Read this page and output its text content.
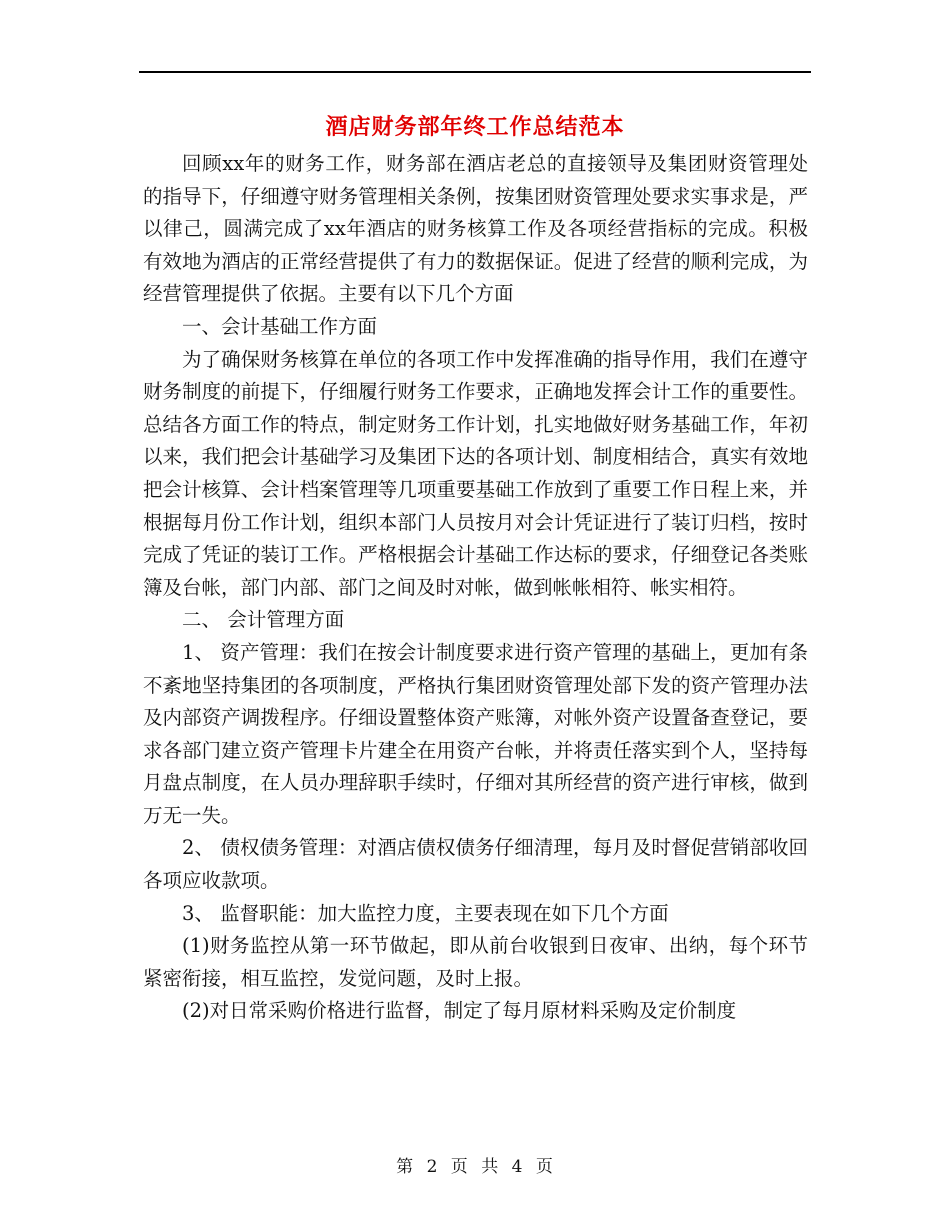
酒店财务部年终工作总结范本

回顾xx年的财务工作，财务部在酒店老总的直接领导及集团财资管理处的指导下，仔细遵守财务管理相关条例，按集团财资管理处要求实事求是，严以律己，圆满完成了xx年酒店的财务核算工作及各项经营指标的完成。积极有效地为酒店的正常经营提供了有力的数据保证。促进了经营的顺利完成，为经营管理提供了依据。主要有以下几个方面

一、会计基础工作方面

为了确保财务核算在单位的各项工作中发挥准确的指导作用，我们在遵守财务制度的前提下，仔细履行财务工作要求，正确地发挥会计工作的重要性。总结各方面工作的特点，制定财务工作计划，扎实地做好财务基础工作，年初以来，我们把会计基础学习及集团下达的各项计划、制度相结合，真实有效地把会计核算、会计档案管理等几项重要基础工作放到了重要工作日程上来，并根据每月份工作计划，组织本部门人员按月对会计凭证进行了装订归档，按时完成了凭证的装订工作。严格根据会计基础工作达标的要求，仔细登记各类账簿及台帐，部门内部、部门之间及时对帐，做到帐帐相符、帐实相符。

二、 会计管理方面

1、 资产管理：我们在按会计制度要求进行资产管理的基础上，更加有条不紊地坚持集团的各项制度，严格执行集团财资管理处部下发的资产管理办法及内部资产调拨程序。仔细设置整体资产账簿，对帐外资产设置备查登记，要求各部门建立资产管理卡片建全在用资产台帐，并将责任落实到个人，坚持每月盘点制度，在人员办理辞职手续时，仔细对其所经营的资产进行审核，做到万无一失。

2、 债权债务管理：对酒店债权债务仔细清理，每月及时督促营销部收回各项应收款项。

3、 监督职能：加大监控力度，主要表现在如下几个方面

(1)财务监控从第一环节做起，即从前台收银到日夜审、出纳，每个环节紧密衔接，相互监控，发觉问题，及时上报。

(2)对日常采购价格进行监督，制定了每月原材料采购及定价制度

第 2 页 共 4 页
